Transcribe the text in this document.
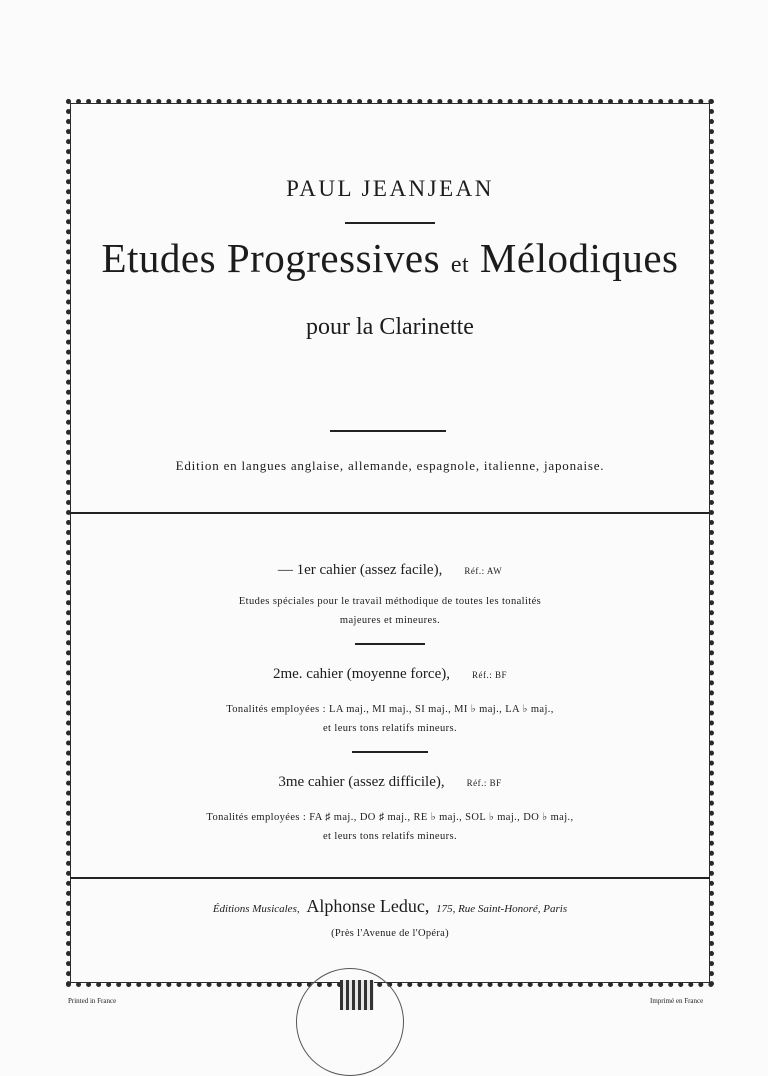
PAUL JEANJEAN
Etudes Progressives et Mélodiques
pour la Clarinette
Edition en langues anglaise, allemande, espagnole, italienne, japonaise.
— 1er cahier (assez facile), Réf.: AW
Etudes spéciales pour le travail méthodique de toutes les tonalités
majeures et mineures.
2me. cahier (moyenne force), Réf.: BF
Tonalités employées : LA maj., MI maj., SI maj., MI ♭ maj., LA ♭ maj.,
et leurs tons relatifs mineurs.
3me cahier (assez difficile), Réf.: BF
Tonalités employées : FA ♯ maj., DO ♯ maj., RE ♭ maj., SOL ♭ maj., DO ♭ maj.,
et leurs tons relatifs mineurs.
Éditions Musicales, Alphonse Leduc, 175, Rue Saint-Honoré, Paris
(Près l'Avenue de l'Opéra)
Printed in France	Imprimé en France
